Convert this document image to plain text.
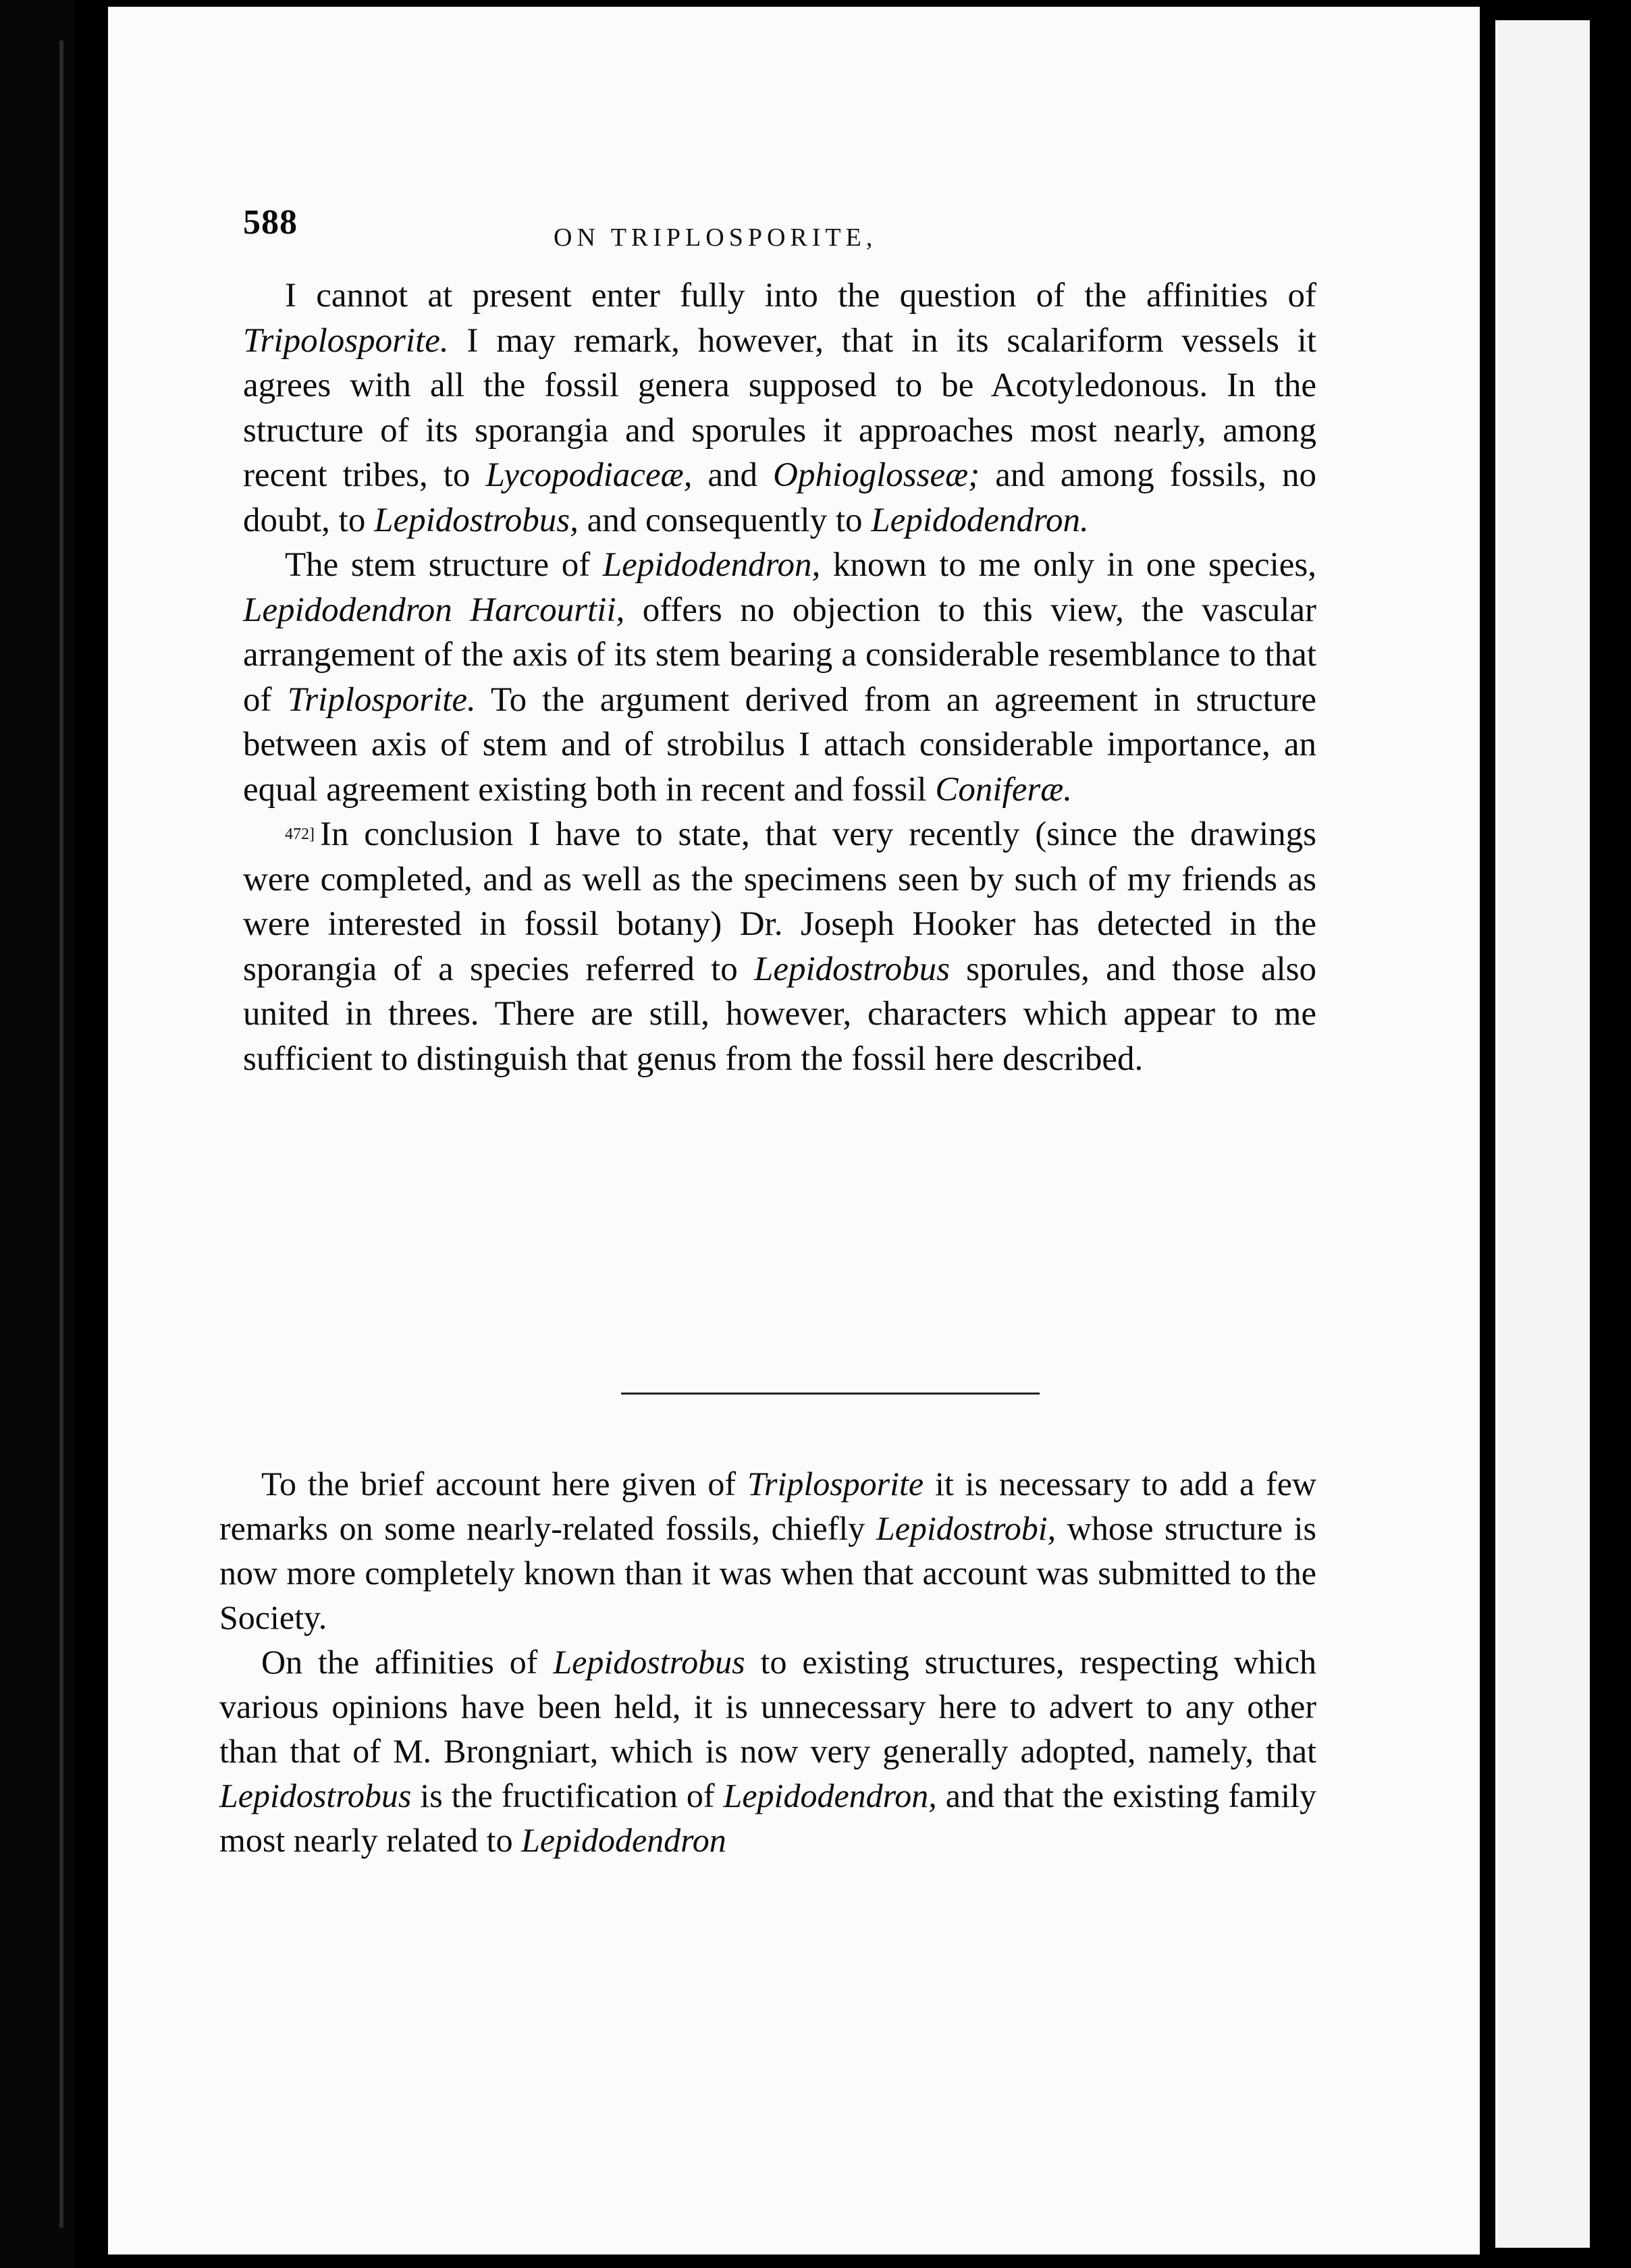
588	ON TRIPLOSPORITE,

I cannot at present enter fully into the question of the affinities of Tripolosporite. I may remark, however, that in its scalariform vessels it agrees with all the fossil genera supposed to be Acotyledonous. In the structure of its sporangia and sporules it approaches most nearly, among recent tribes, to Lycopodiaceæ, and Ophioglosseæ; and among fossils, no doubt, to Lepidostrobus, and consequently to Lepidodendron.

The stem structure of Lepidodendron, known to me only in one species, Lepidodendron Harcourtii, offers no objection to this view, the vascular arrangement of the axis of its stem bearing a considerable resemblance to that of Triplosporite. To the argument derived from an agreement in structure between axis of stem and of strobilus I attach considerable importance, an equal agreement existing both in recent and fossil Coniferæ.

$^{472]}$ In conclusion I have to state, that very recently (since the drawings were completed, and as well as the specimens seen by such of my friends as were interested in fossil botany) Dr. Joseph Hooker has detected in the sporangia of a species referred to Lepidostrobus sporules, and those also united in threes. There are still, however, characters which appear to me sufficient to distinguish that genus from the fossil here described.

To the brief account here given of Triplosporite it is necessary to add a few remarks on some nearly-related fossils, chiefly Lepidostrobi, whose structure is now more completely known than it was when that account was submitted to the Society.

On the affinities of Lepidostrobus to existing structures, respecting which various opinions have been held, it is unnecessary here to advert to any other than that of M. Brongniart, which is now very generally adopted, namely, that Lepidostrobus is the fructification of Lepidodendron, and that the existing family most nearly related to Lepidodendron
